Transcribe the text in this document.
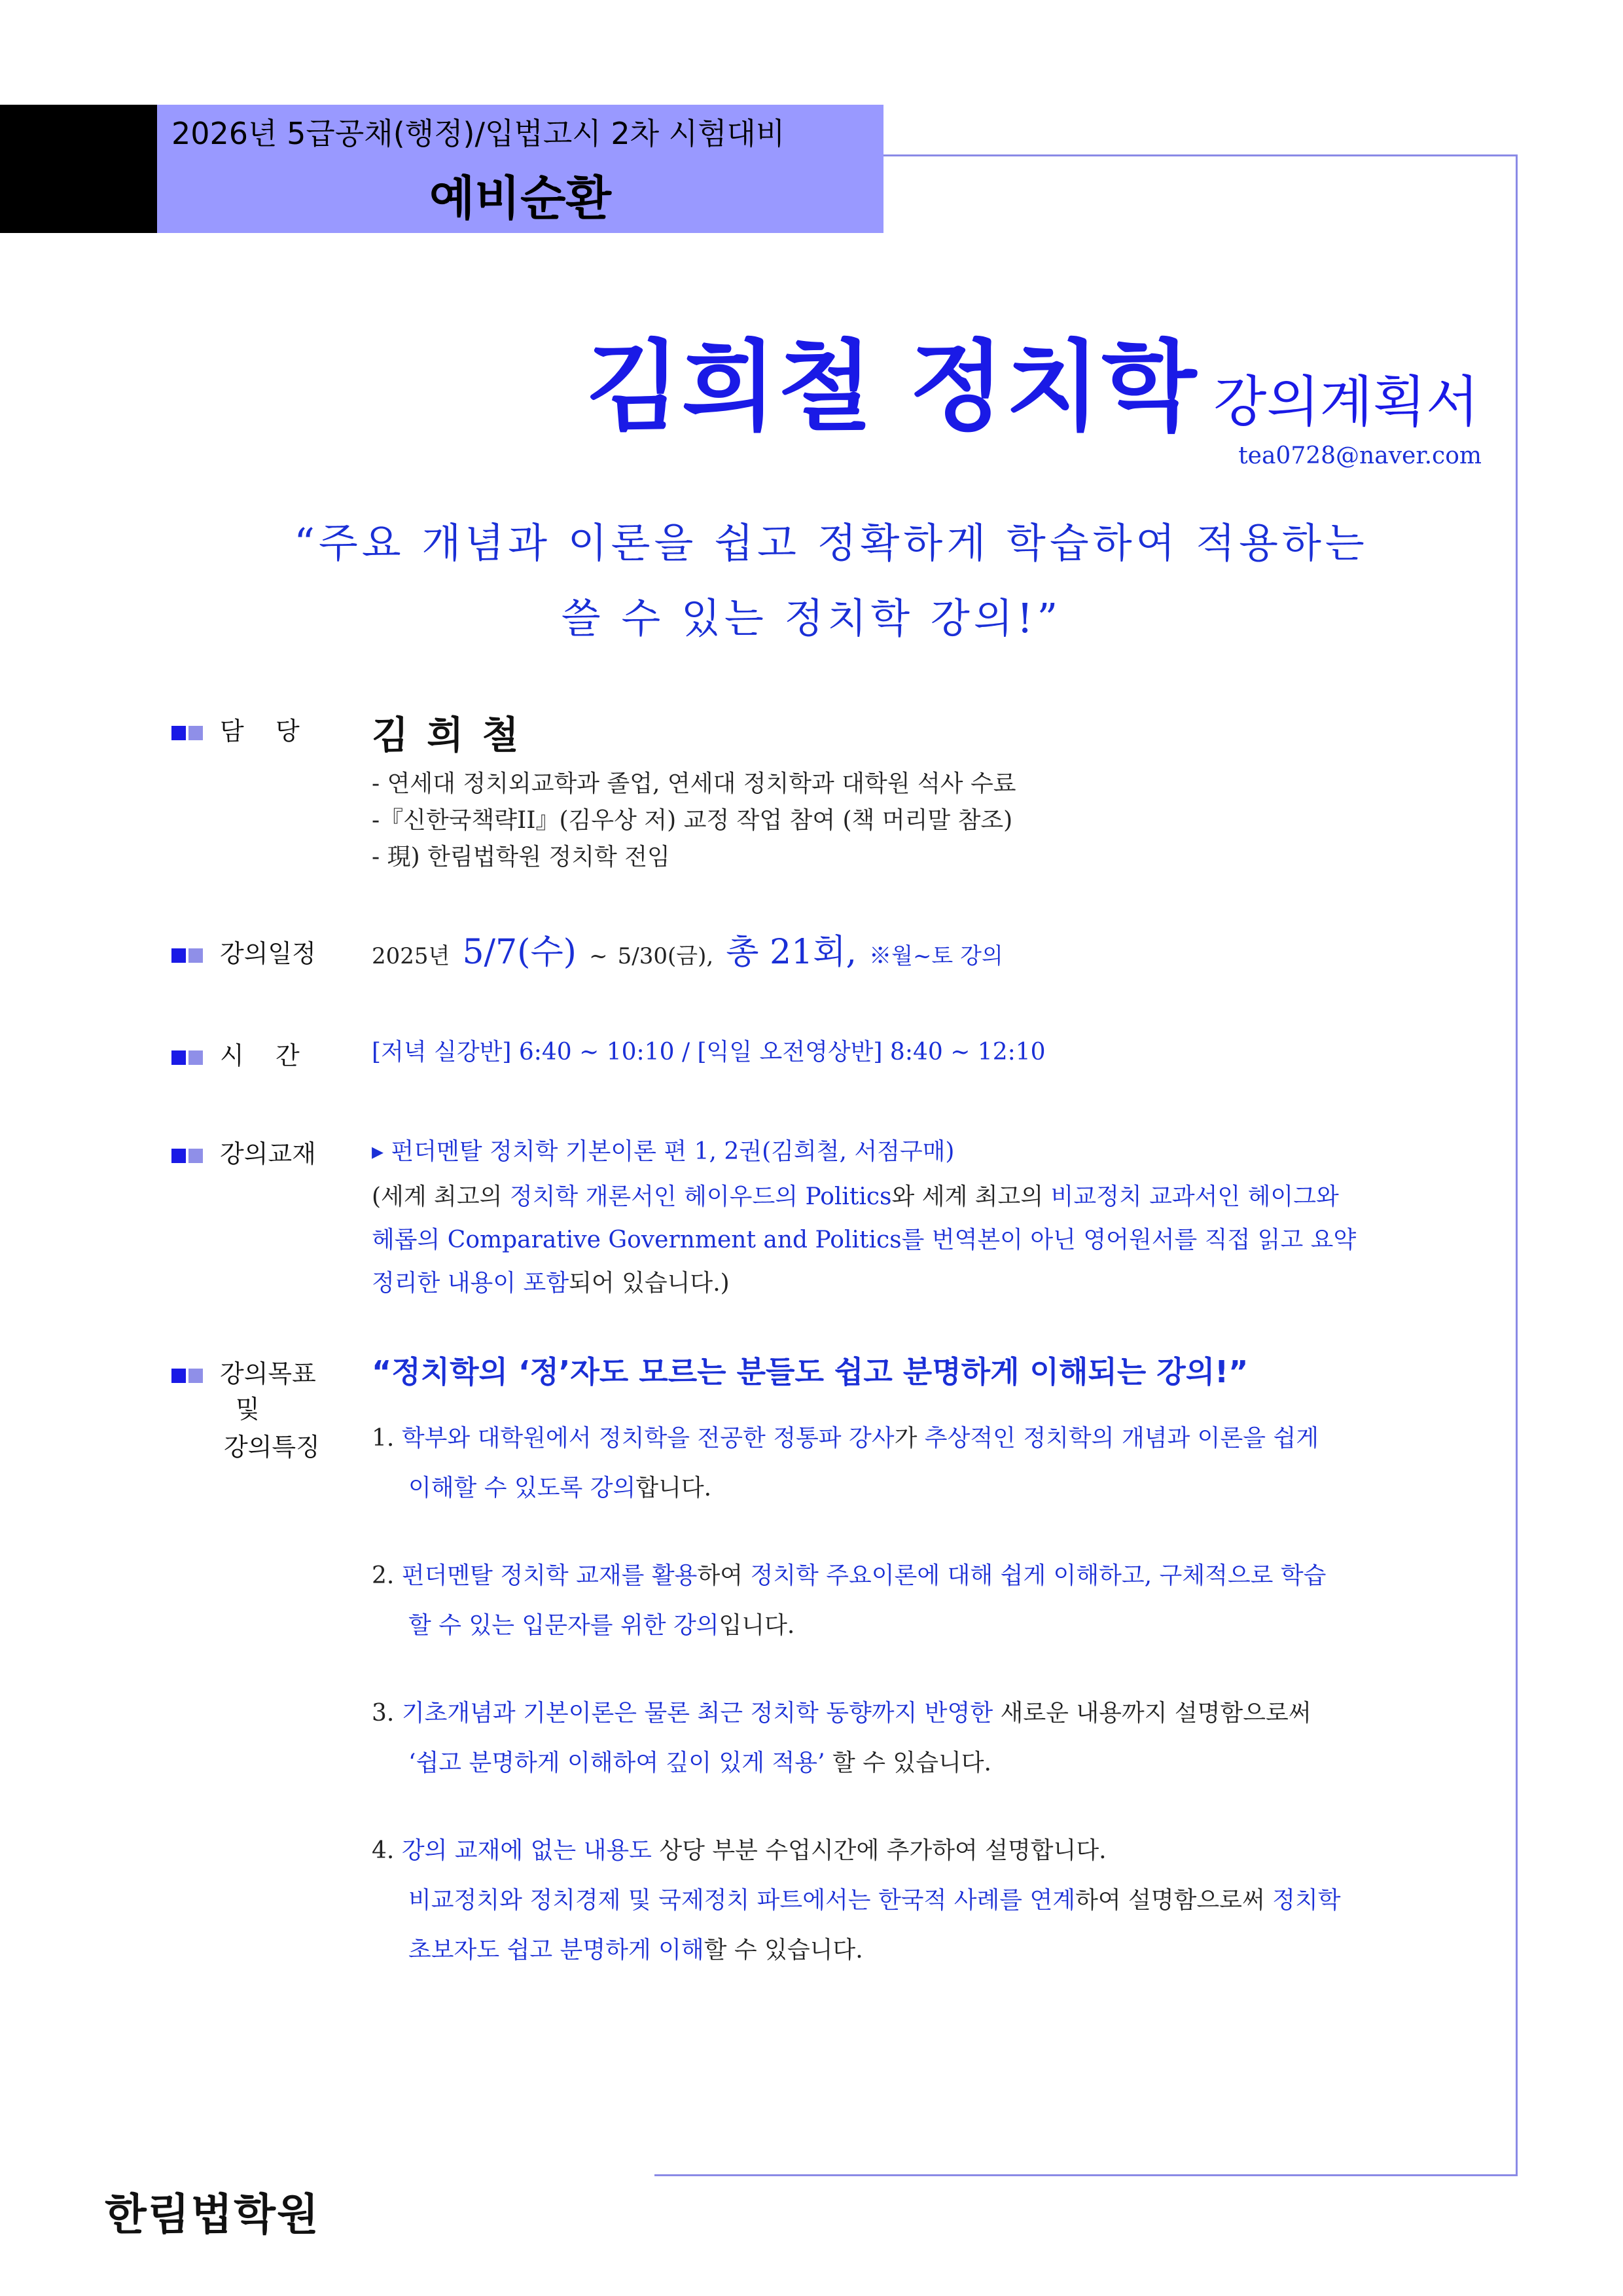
2026년 5급공채(행정)/입법고시 2차 시험대비
예비순환
김희철 정치학 강의계획서
tea0728@naver.com
“주요 개념과 이론을 쉽고 정확하게 학습하여 적용하는
쓸 수 있는 정치학 강의!”
담    당 김 희 철
- 연세대 정치외교학과 졸업, 연세대 정치학과 대학원 석사 수료
-『신한국책략II』(김우상 저) 교정 작업 참여 (책 머리말 참조)
- 現) 한림법학원 정치학 전임
강의일정	2025년 5/7(수) ~ 5/30(금), 총 21회, ※월~토 강의
시    간	[저녁 실강반] 6:40 ~ 10:10 / [익일 오전영상반] 8:40 ~ 12:10
강의교재 ▸ 펀더멘탈 정치학 기본이론 편 1, 2권(김희철, 서점구매)
(세계 최고의 정치학 개론서인 헤이우드의 Politics와 세계 최고의 비교정치 교과서인 헤이그와
헤롭의 Comparative Government and Politics를 번역본이 아닌 영어원서를 직접 읽고 요약
정리한 내용이 포함되어 있습니다.)
강의목표
및
강의특징
“정치학의 ‘정’자도 모르는 분들도 쉽고 분명하게 이해되는 강의!”
1. 학부와 대학원에서 정치학을 전공한 정통파 강사가 추상적인 정치학의 개념과 이론을 쉽게
이해할 수 있도록 강의합니다.
2. 펀더멘탈 정치학 교재를 활용하여 정치학 주요이론에 대해 쉽게 이해하고, 구체적으로 학습
할 수 있는 입문자를 위한 강의입니다.
3. 기초개념과 기본이론은 물론 최근 정치학 동향까지 반영한 새로운 내용까지 설명함으로써
‘쉽고 분명하게 이해하여 깊이 있게 적용’ 할 수 있습니다.
4. 강의 교재에 없는 내용도 상당 부분 수업시간에 추가하여 설명합니다.
비교정치와 정치경제 및 국제정치 파트에서는 한국적 사례를 연계하여 설명함으로써 정치학
초보자도 쉽고 분명하게 이해할 수 있습니다.
한림법학원
